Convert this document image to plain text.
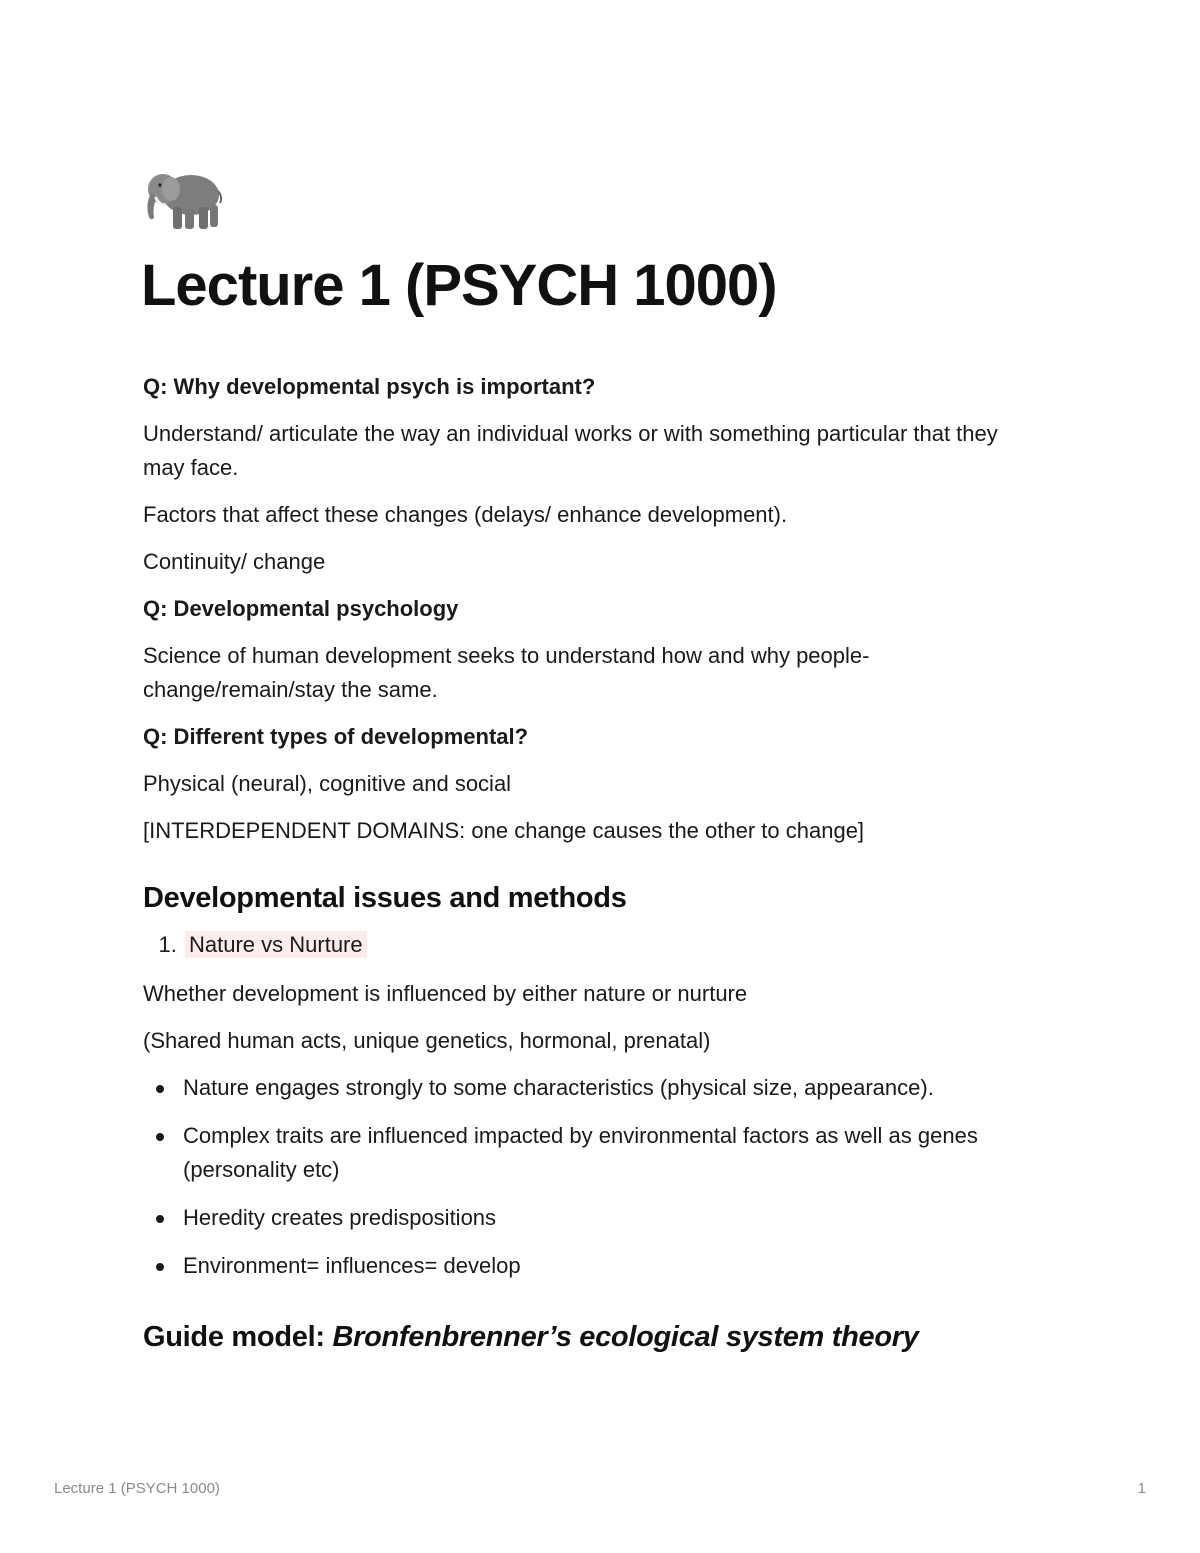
Lecture 1 (PSYCH 1000)

Q: Why developmental psych is important?

Understand/ articulate the way an individual works or with something particular that they may face.

Factors that affect these changes (delays/ enhance development).

Continuity/ change

Q: Developmental psychology

Science of human development seeks to understand how and why people- change/remain/stay the same.

Q: Different types of developmental?

Physical (neural), cognitive and social

[INTERDEPENDENT DOMAINS: one change causes the other to change]

Developmental issues and methods
1. Nature vs Nurture

Whether development is influenced by either nature or nurture

(Shared human acts, unique genetics, hormonal, prenatal)

Nature engages strongly to some characteristics (physical size, appearance).
Complex traits are influenced impacted by environmental factors as well as genes (personality etc)
Heredity creates predispositions
Environment= influences= develop
Guide model: Bronfenbrenner’s ecological system theory
Lecture 1 (PSYCH 1000)	1
